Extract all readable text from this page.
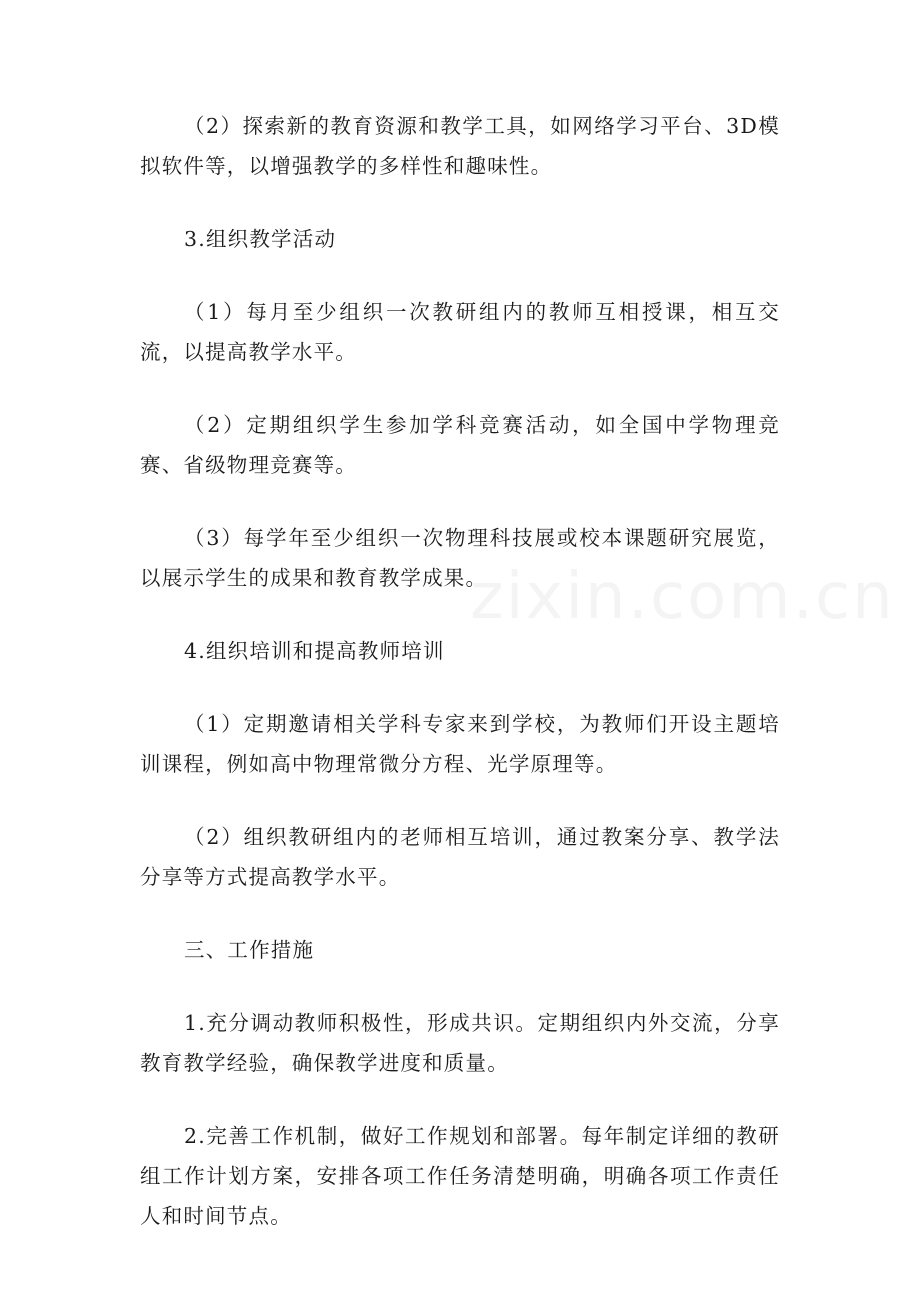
（2）探索新的教育资源和教学工具，如网络学习平台、3D模拟软件等，以增强教学的多样性和趣味性。

3.组织教学活动

（1）每月至少组织一次教研组内的教师互相授课，相互交流，以提高教学水平。

（2）定期组织学生参加学科竞赛活动，如全国中学物理竞赛、省级物理竞赛等。

（3）每学年至少组织一次物理科技展或校本课题研究展览，以展示学生的成果和教育教学成果。

4.组织培训和提高教师培训

（1）定期邀请相关学科专家来到学校，为教师们开设主题培训课程，例如高中物理常微分方程、光学原理等。

（2）组织教研组内的老师相互培训，通过教案分享、教学法分享等方式提高教学水平。

三、工作措施

1.充分调动教师积极性，形成共识。定期组织内外交流，分享教育教学经验，确保教学进度和质量。

2.完善工作机制，做好工作规划和部署。每年制定详细的教研组工作计划方案，安排各项工作任务清楚明确，明确各项工作责任人和时间节点。
